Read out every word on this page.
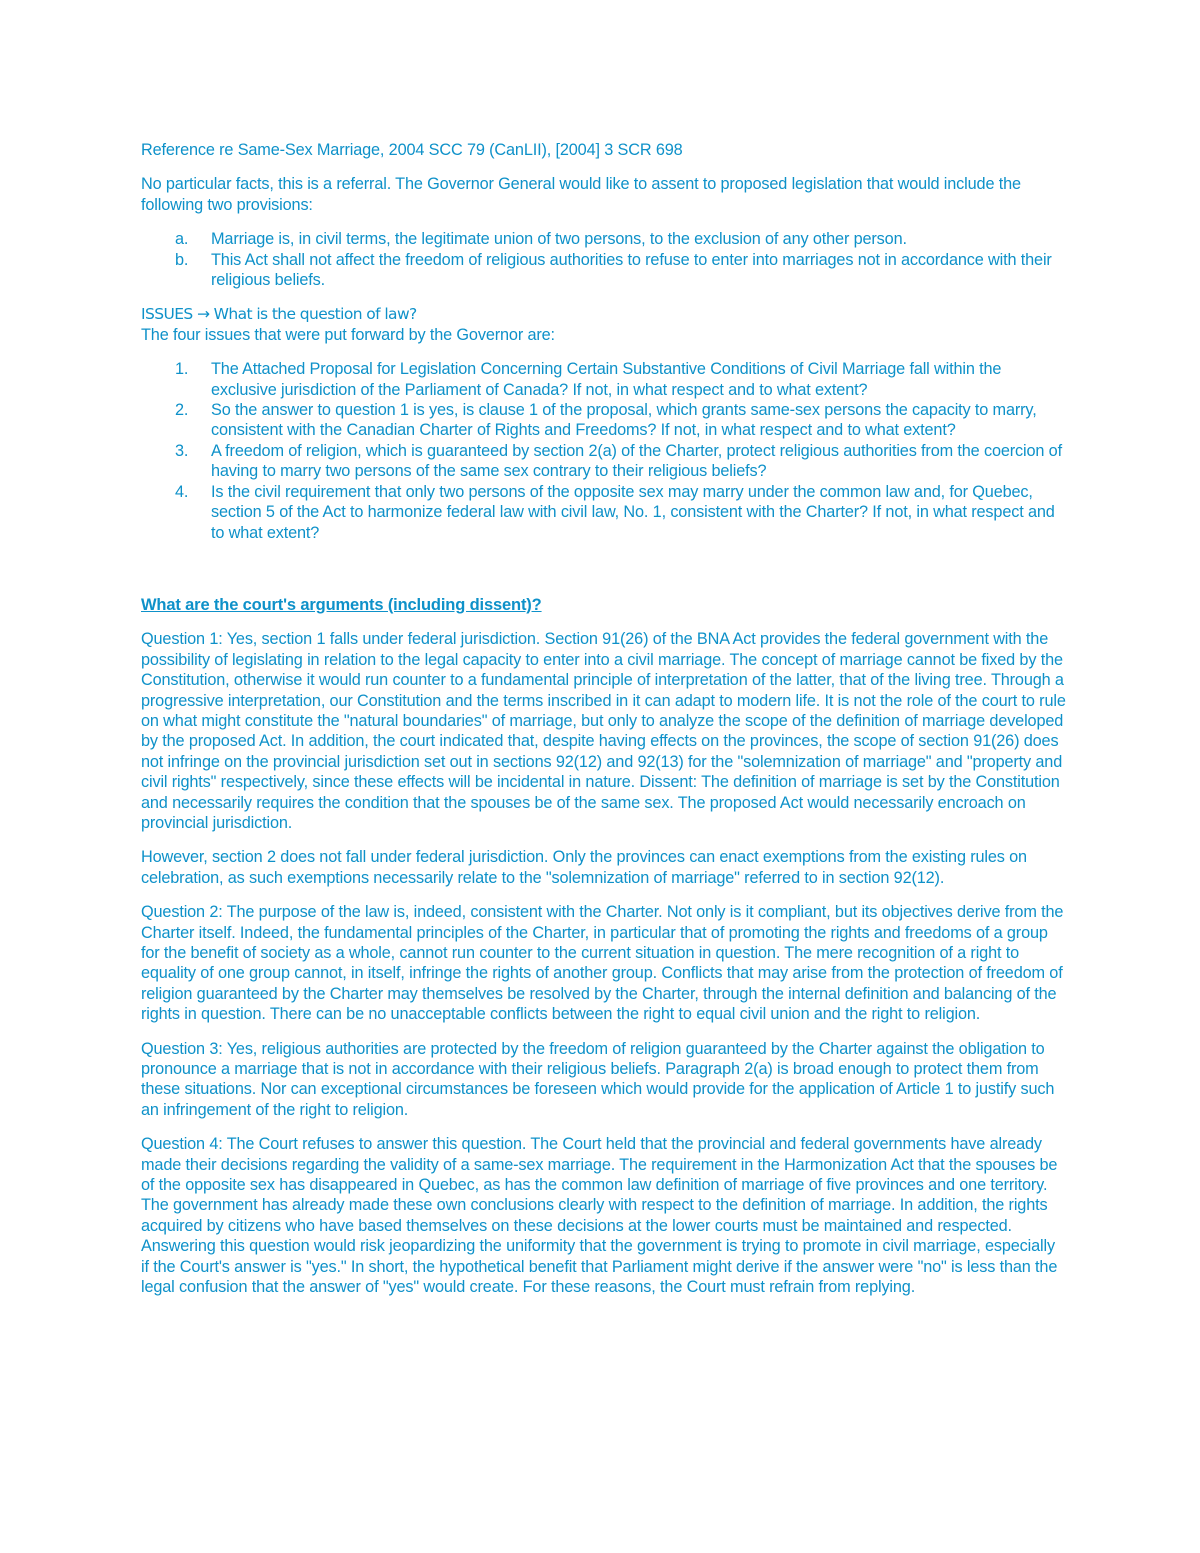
Reference re Same-Sex Marriage, 2004 SCC 79 (CanLII), [2004] 3 SCR 698

No particular facts, this is a referral. The Governor General would like to assent to proposed legislation that would include the following two provisions:

a. Marriage is, in civil terms, the legitimate union of two persons, to the exclusion of any other person.
b. This Act shall not affect the freedom of religious authorities to refuse to enter into marriages not in accordance with their religious beliefs.

ISSUES → What is the question of law?

The four issues that were put forward by the Governor are:

1. The Attached Proposal for Legislation Concerning Certain Substantive Conditions of Civil Marriage fall within the exclusive jurisdiction of the Parliament of Canada? If not, in what respect and to what extent?
2. So the answer to question 1 is yes, is clause 1 of the proposal, which grants same-sex persons the capacity to marry, consistent with the Canadian Charter of Rights and Freedoms? If not, in what respect and to what extent?
3. A freedom of religion, which is guaranteed by section 2(a) of the Charter, protect religious authorities from the coercion of having to marry two persons of the same sex contrary to their religious beliefs?
4. Is the civil requirement that only two persons of the opposite sex may marry under the common law and, for Quebec, section 5 of the Act to harmonize federal law with civil law, No. 1, consistent with the Charter? If not, in what respect and to what extent?

What are the court's arguments (including dissent)?

Question 1: Yes, section 1 falls under federal jurisdiction. Section 91(26) of the BNA Act provides the federal government with the possibility of legislating in relation to the legal capacity to enter into a civil marriage. The concept of marriage cannot be fixed by the Constitution, otherwise it would run counter to a fundamental principle of interpretation of the latter, that of the living tree. Through a progressive interpretation, our Constitution and the terms inscribed in it can adapt to modern life. It is not the role of the court to rule on what might constitute the "natural boundaries" of marriage, but only to analyze the scope of the definition of marriage developed by the proposed Act. In addition, the court indicated that, despite having effects on the provinces, the scope of section 91(26) does not infringe on the provincial jurisdiction set out in sections 92(12) and 92(13) for the "solemnization of marriage" and "property and civil rights" respectively, since these effects will be incidental in nature. Dissent: The definition of marriage is set by the Constitution and necessarily requires the condition that the spouses be of the same sex. The proposed Act would necessarily encroach on provincial jurisdiction.

However, section 2 does not fall under federal jurisdiction. Only the provinces can enact exemptions from the existing rules on celebration, as such exemptions necessarily relate to the "solemnization of marriage" referred to in section 92(12).

Question 2: The purpose of the law is, indeed, consistent with the Charter. Not only is it compliant, but its objectives derive from the Charter itself. Indeed, the fundamental principles of the Charter, in particular that of promoting the rights and freedoms of a group for the benefit of society as a whole, cannot run counter to the current situation in question. The mere recognition of a right to equality of one group cannot, in itself, infringe the rights of another group. Conflicts that may arise from the protection of freedom of religion guaranteed by the Charter may themselves be resolved by the Charter, through the internal definition and balancing of the rights in question. There can be no unacceptable conflicts between the right to equal civil union and the right to religion.

Question 3: Yes, religious authorities are protected by the freedom of religion guaranteed by the Charter against the obligation to pronounce a marriage that is not in accordance with their religious beliefs. Paragraph 2(a) is broad enough to protect them from these situations. Nor can exceptional circumstances be foreseen which would provide for the application of Article 1 to justify such an infringement of the right to religion.

Question 4: The Court refuses to answer this question. The Court held that the provincial and federal governments have already made their decisions regarding the validity of a same-sex marriage. The requirement in the Harmonization Act that the spouses be of the opposite sex has disappeared in Quebec, as has the common law definition of marriage of five provinces and one territory. The government has already made these own conclusions clearly with respect to the definition of marriage. In addition, the rights acquired by citizens who have based themselves on these decisions at the lower courts must be maintained and respected. Answering this question would risk jeopardizing the uniformity that the government is trying to promote in civil marriage, especially if the Court's answer is "yes." In short, the hypothetical benefit that Parliament might derive if the answer were "no" is less than the legal confusion that the answer of "yes" would create. For these reasons, the Court must refrain from replying.
